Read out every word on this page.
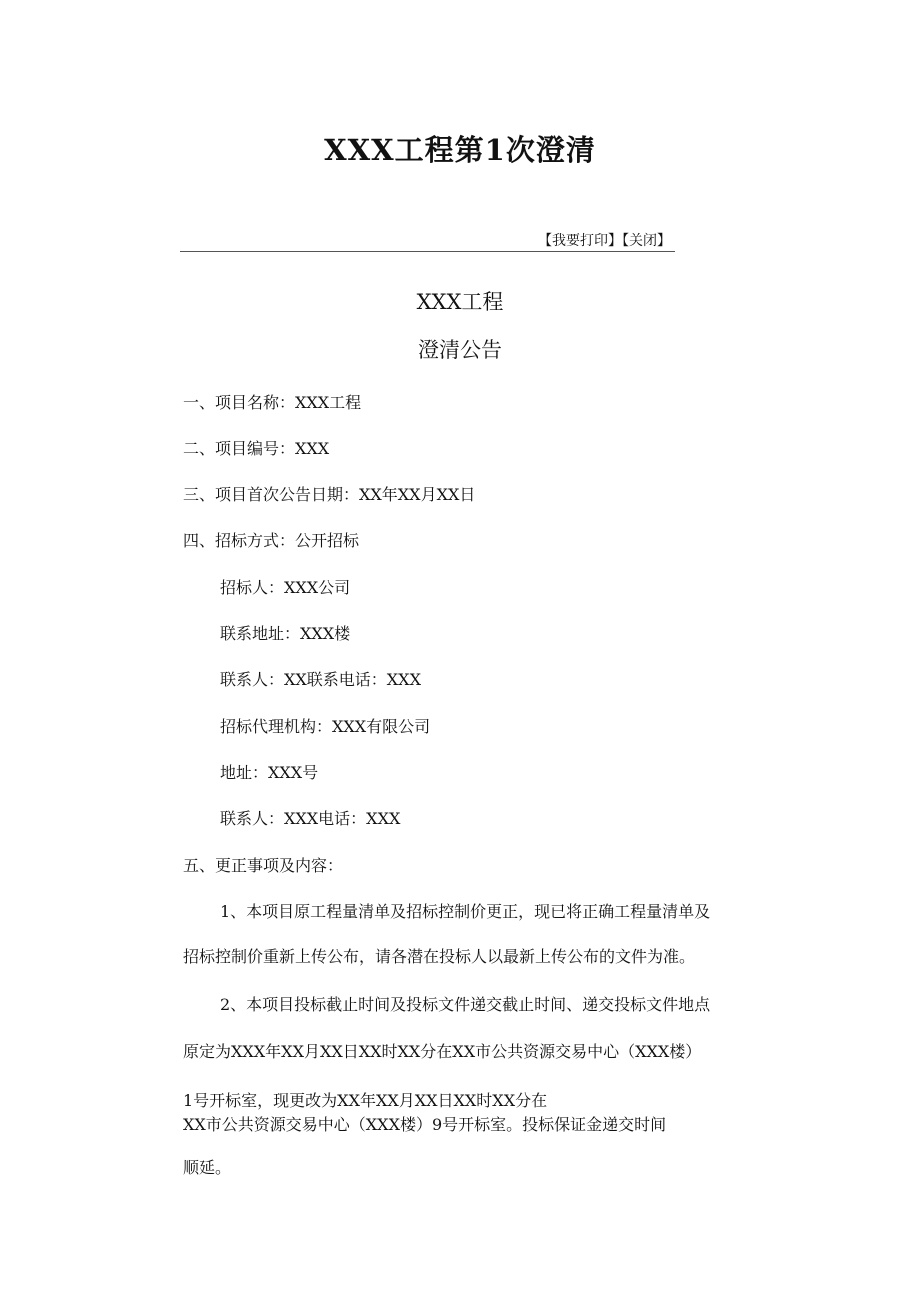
XXX工程第1次澄清
【我要打印】【关闭】
XXX工程
澄清公告
一、项目名称：XXX工程
二、项目编号：XXX
三、项目首次公告日期：XX年XX月XX日
四、招标方式：公开招标
招标人：XXX公司
联系地址：XXX楼
联系人：XX联系电话：XXX
招标代理机构：XXX有限公司
地址：XXX号
联系人：XXX电话：XXX
五、更正事项及内容：
1、本项目原工程量清单及招标控制价更正，现已将正确工程量清单及
招标控制价重新上传公布，请各潜在投标人以最新上传公布的文件为准。
2、本项目投标截止时间及投标文件递交截止时间、递交投标文件地点
原定为XXX年XX月XX日XX时XX分在XX市公共资源交易中心（XXX楼）
1号开标室，现更改为XX年XX月XX日XX时XX分在
XX市公共资源交易中心（XXX楼）9号开标室。投标保证金递交时间
顺延。
